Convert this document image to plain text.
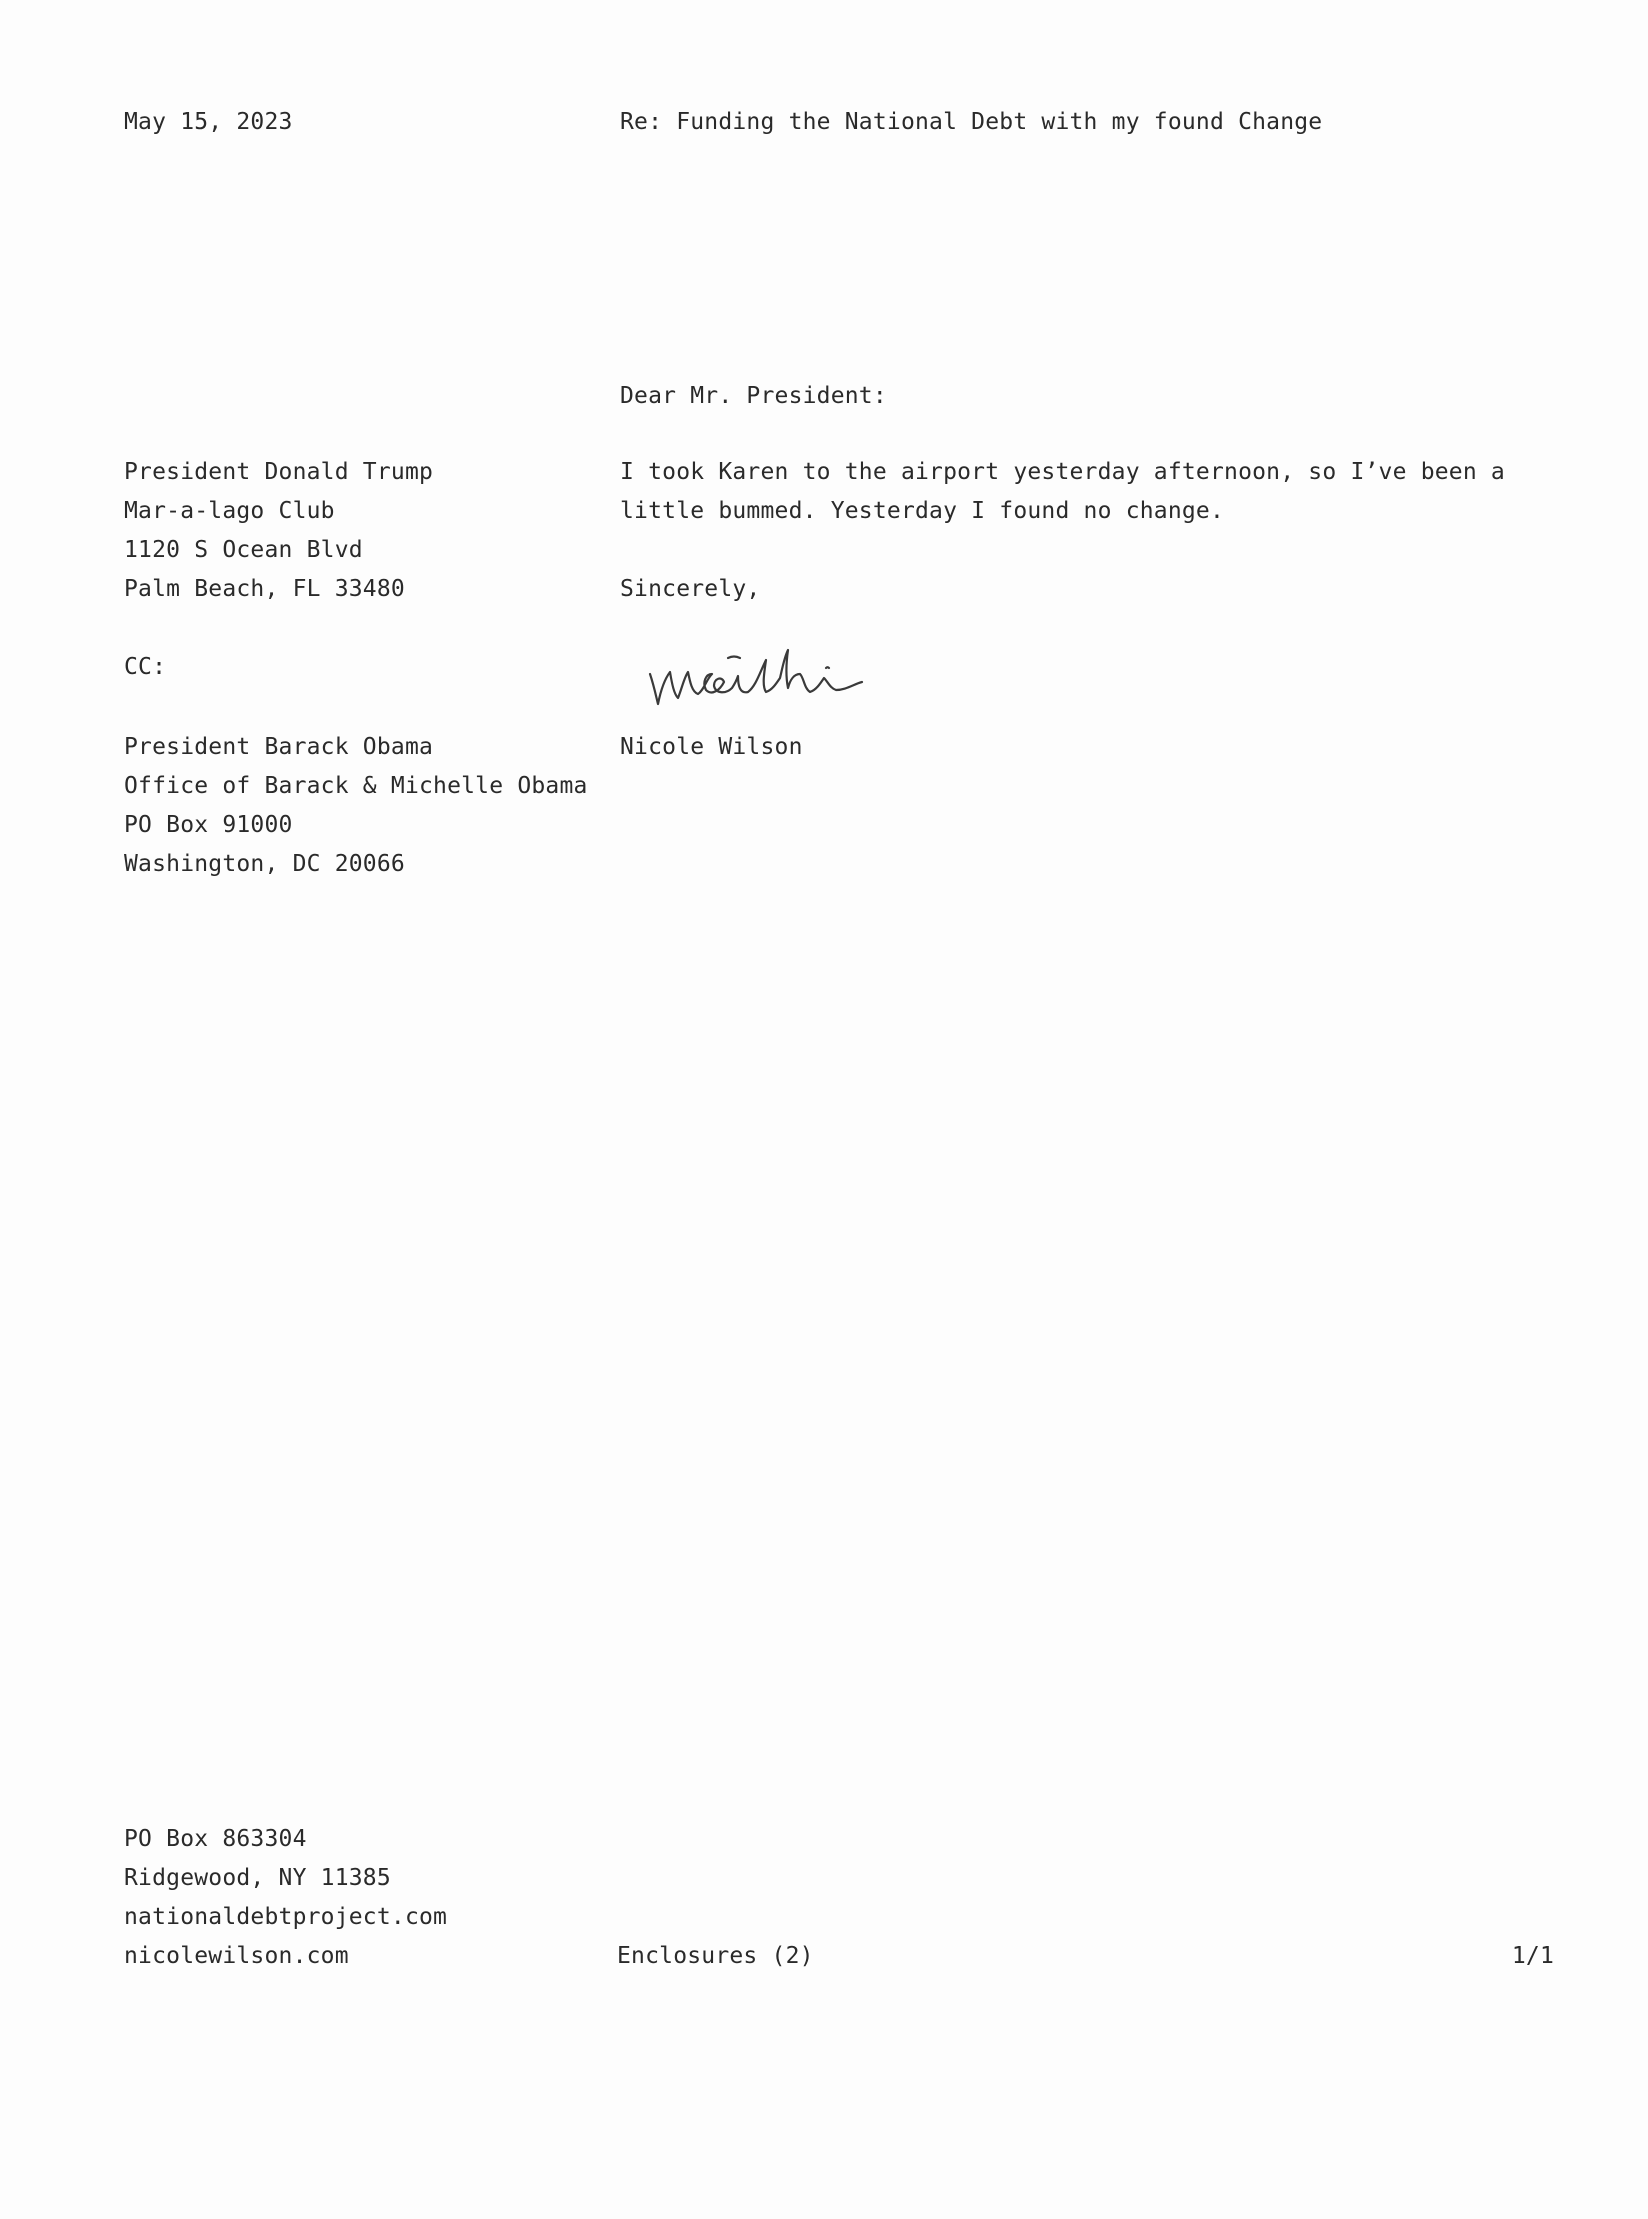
May 15, 2023	Re: Funding the National Debt with my found Change
Dear Mr. President:
President Donald Trump
Mar-a-lago Club
1120 S Ocean Blvd
Palm Beach, FL 33480
I took Karen to the airport yesterday afternoon, so I’ve been a
little bummed. Yesterday I found no change.
Sincerely,
CC:
Nicole Wilson
President Barack Obama
Office of Barack & Michelle Obama
PO Box 91000
Washington, DC 20066
PO Box 863304
Ridgewood, NY 11385
nationaldebtproject.com
nicolewilson.com	Enclosures (2)	1/1
